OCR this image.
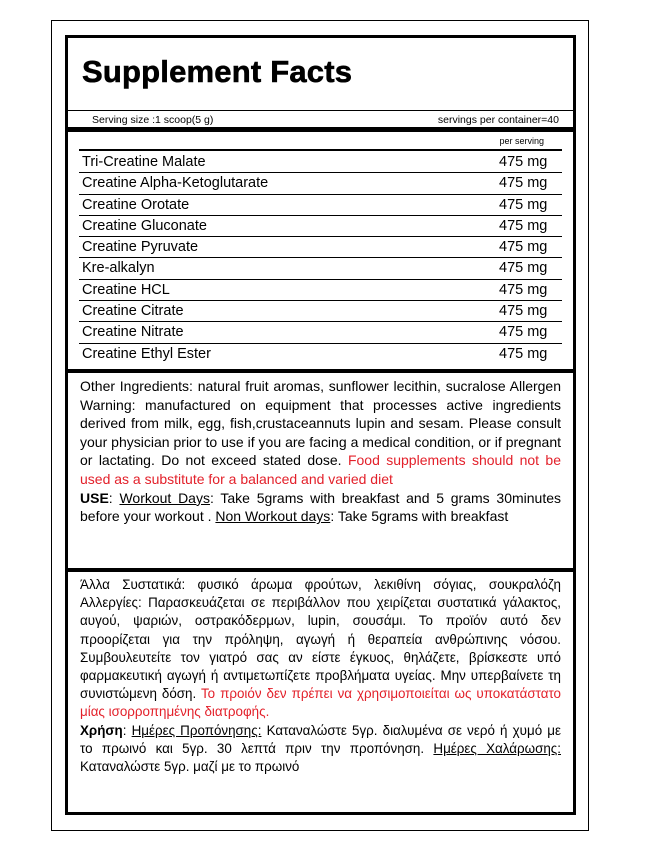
Supplement Facts
Serving size :1 scoop(5 g)	servings per container=40
per serving
Tri-Creatine Malate	475 mg
Creatine Alpha-Ketoglutarate	475 mg
Creatine Orotate	475 mg
Creatine Gluconate	475 mg
Creatine Pyruvate	475 mg
Kre-alkalyn	475 mg
Creatine HCL	475 mg
Creatine Citrate	475 mg
Creatine Nitrate	475 mg
Creatine Ethyl Ester	475 mg
Other Ingredients: natural fruit aromas, sunflower lecithin, sucralose Allergen Warning: manufactured on equipment that processes active ingredients derived from milk, egg, fish,crustaceannuts lupin and sesam. Please consult your physician prior to use if you are facing a medical condition, or if pregnant or lactating. Do not exceed stated dose. Food supplements should not be used as a substitute for a balanced and varied diet
USE: Workout Days: Take 5grams with breakfast and 5 grams 30minutes before your workout . Non Workout days: Take 5grams with breakfast
Άλλα Συστατικά: φυσικό άρωμα φρούτων, λεκιθίνη σόγιας, σουκραλόζη Αλλεργίες: Παρασκευάζεται σε περιβάλλον που χειρίζεται συστατικά γάλακτος, αυγού, ψαριών, οστρακόδερμων, lupin, σουσάμι. Το προϊόν αυτό δεν προορίζεται για την πρόληψη, αγωγή ή θεραπεία ανθρώπινης νόσου. Συμβουλευτείτε τον γιατρό σας αν είστε έγκυος, θηλάζετε, βρίσκεστε υπό φαρμακευτική αγωγή ή αντιμετωπίζετε προβλήματα υγείας. Μην υπερβαίνετε τη συνιστώμενη δόση. Το προιόν δεν πρέπει να χρησιμοποιείται ως υποκατάστατο μίας ισορροπημένης διατροφής.
Χρήση: Ημέρες Προπόνησης: Καταναλώστε 5γρ. διαλυμένα σε νερό ή χυμό με το πρωινό και 5γρ. 30 λεπτά πριν την προπόνηση. Ημέρες Χαλάρωσης: Καταναλώστε 5γρ. μαζί με το πρωινό
